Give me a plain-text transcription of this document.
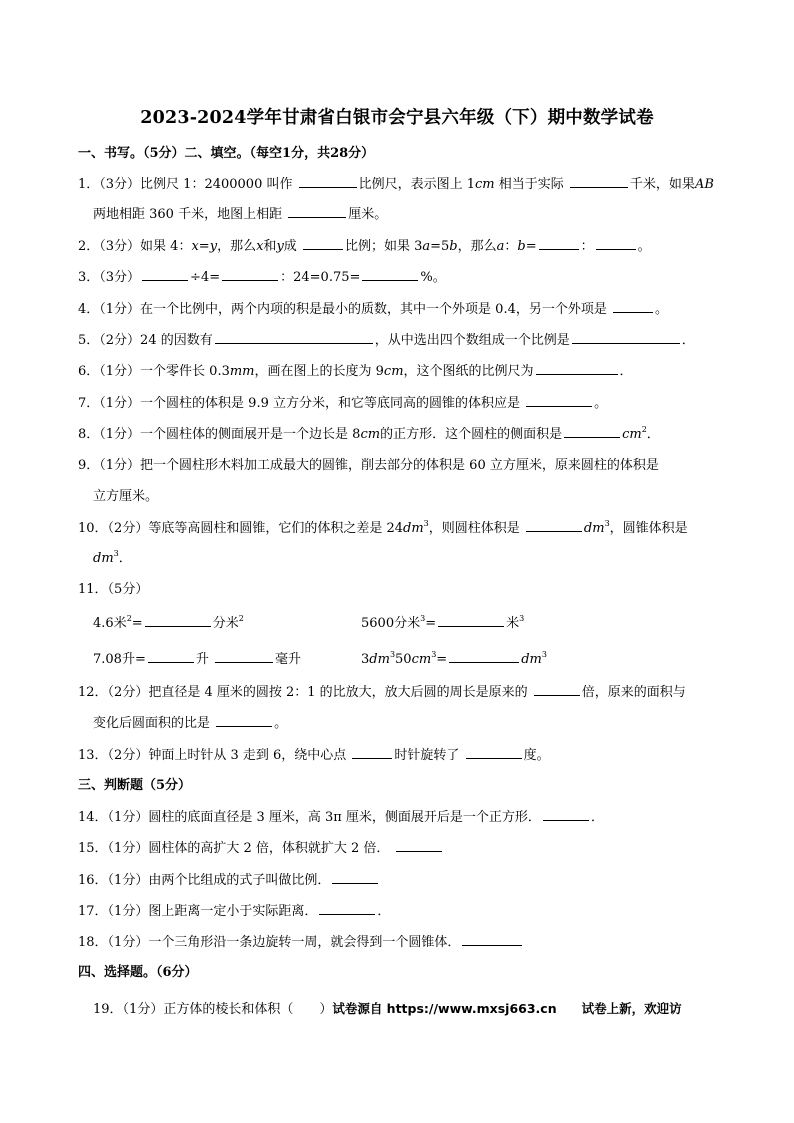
2023-2024学年甘肃省白银市会宁县六年级（下）期中数学试卷
一、书写。（5分）二、填空。（每空1分，共28分）
1．（3分）比例尺 1：2400000 叫作	比例尺，表示图上 1cm 相当于实际	千米，如果AB
两地相距 360 千米，地图上相距	厘米。
2．（3分）如果 4：x=y，那么x和y成	比例；如果 3a=5b，那么a：b=	：	。
3．（3分）	÷4=	：24=0.75=	%。
4．（1分）在一个比例中，两个内项的积是最小的质数，其中一个外项是 0.4，另一个外项是	。
5．（2分）24 的因数有	，从中选出四个数组成一个比例是	．
6．（1分）一个零件长 0.3mm，画在图上的长度为 9cm，这个图纸的比例尺为	．
7．（1分）一个圆柱的体积是 9.9 立方分米，和它等底同高的圆锥的体积应是	。
8．（1分）一个圆柱体的侧面展开是一个边长是 8cm的正方形．这个圆柱的侧面积是	$cm^2$．
9．（1分）把一个圆柱形木料加工成最大的圆锥，削去部分的体积是 60 立方厘米，原来圆柱的体积是
立方厘米。
10．（2分）等底等高圆柱和圆锥，它们的体积之差是 $24dm^3$，则圆柱体积是	$dm^3$，圆锥体积是
$dm^3$．
11．（5分）
4.6米$^2$=	分米$^2$	5600分米$^3$=	米$^3$
7.08升=	升	毫升	$3dm^350cm^3=$	$dm^3$
12．（2分）把直径是 4 厘米的圆按 2：1 的比放大，放大后圆的周长是原来的	倍，原来的面积与
变化后圆面积的比是	。
13．（2分）钟面上时针从 3 走到 6，绕中心点	时针旋转了	度。
三、判断题（5分）
14．（1分）圆柱的底面直径是 3 厘米，高 3π 厘米，侧面展开后是一个正方形．	．
15．（1分）圆柱体的高扩大 2 倍，体积就扩大 2 倍．
16．（1分）由两个比组成的式子叫做比例．
17．（1分）图上距离一定小于实际距离．	．
18．（1分）一个三角形沿一条边旋转一周，就会得到一个圆锥体．
四、选择题。（6分）
19．（1分）正方体的棱长和体积（　　）试卷源自 https://www.mxsj663.cn　　试卷上新，欢迎访
